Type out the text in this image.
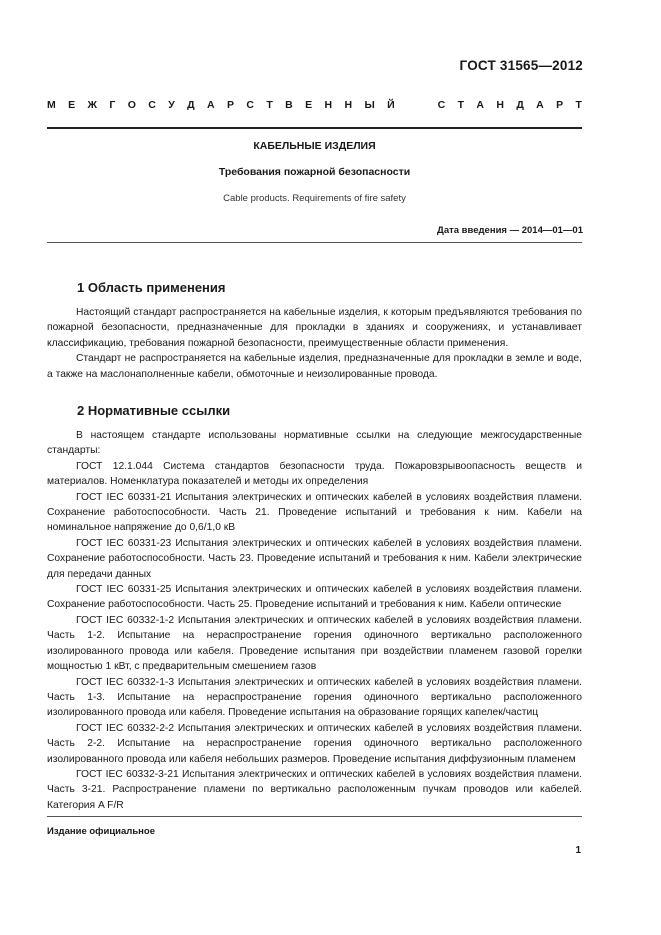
ГОСТ 31565—2012
М Е Ж Г О С У Д А Р С Т В Е Н Н Ы Й

	С Т А Н Д А Р Т
КАБЕЛЬНЫЕ ИЗДЕЛИЯ
Требования пожарной безопасности
Cable products. Requirements of fire safety
Дата введения — 2014—01—01
1 Область применения

Настоящий стандарт распространяется на кабельные изделия, к которым предъявляются требования по пожарной безопасности, предназначенные для прокладки в зданиях и сооружениях, и устанавливает классификацию, требования пожарной безопасности, преимущественные области применения.

Стандарт не распространяется на кабельные изделия, предназначенные для прокладки в земле и воде, а также на маслонаполненные кабели, обмоточные и неизолированные провода.

2 Нормативные ссылки

В настоящем стандарте использованы нормативные ссылки на следующие межгосударственные стандарты:

ГОСТ 12.1.044 Система стандартов безопасности труда. Пожаровзрывоопасность веществ и материалов. Номенклатура показателей и методы их определения

ГОСТ IEC 60331-21 Испытания электрических и оптических кабелей в условиях воздействия пламени. Сохранение работоспособности. Часть 21. Проведение испытаний и требования к ним. Кабели на номинальное напряжение до 0,6/1,0 кВ

ГОСТ IEC 60331-23 Испытания электрических и оптических кабелей в условиях воздействия пламени. Сохранение работоспособности. Часть 23. Проведение испытаний и требования к ним. Кабели электрические для передачи данных

ГОСТ IEC 60331-25 Испытания электрических и оптических кабелей в условиях воздействия пламени. Сохранение работоспособности. Часть 25. Проведение испытаний и требования к ним. Кабели оптические

ГОСТ IEC 60332-1-2 Испытания электрических и оптических кабелей в условиях воздействия пламени. Часть 1-2. Испытание на нераспространение горения одиночного вертикально расположенного изолированного провода или кабеля. Проведение испытания при воздействии пламенем газовой горелки мощностью 1 кВт, с предварительным смешением газов

ГОСТ IEC 60332-1-3 Испытания электрических и оптических кабелей в условиях воздействия пламени. Часть 1-3. Испытание на нераспространение горения одиночного вертикально расположенного изолированного провода или кабеля. Проведение испытания на образование горящих капелек/частиц

ГОСТ IEC 60332-2-2 Испытания электрических и оптических кабелей в условиях воздействия пламени. Часть 2-2. Испытание на нераспространение горения одиночного вертикально расположенного изолированного провода или кабеля небольших размеров. Проведение испытания диффузионным пламенем

ГОСТ IEC 60332-3-21 Испытания электрических и оптических кабелей в условиях воздействия пламени. Часть 3-21. Распространение пламени по вертикально расположенным пучкам проводов или кабелей. Категория A F/R

Издание официальное
1
